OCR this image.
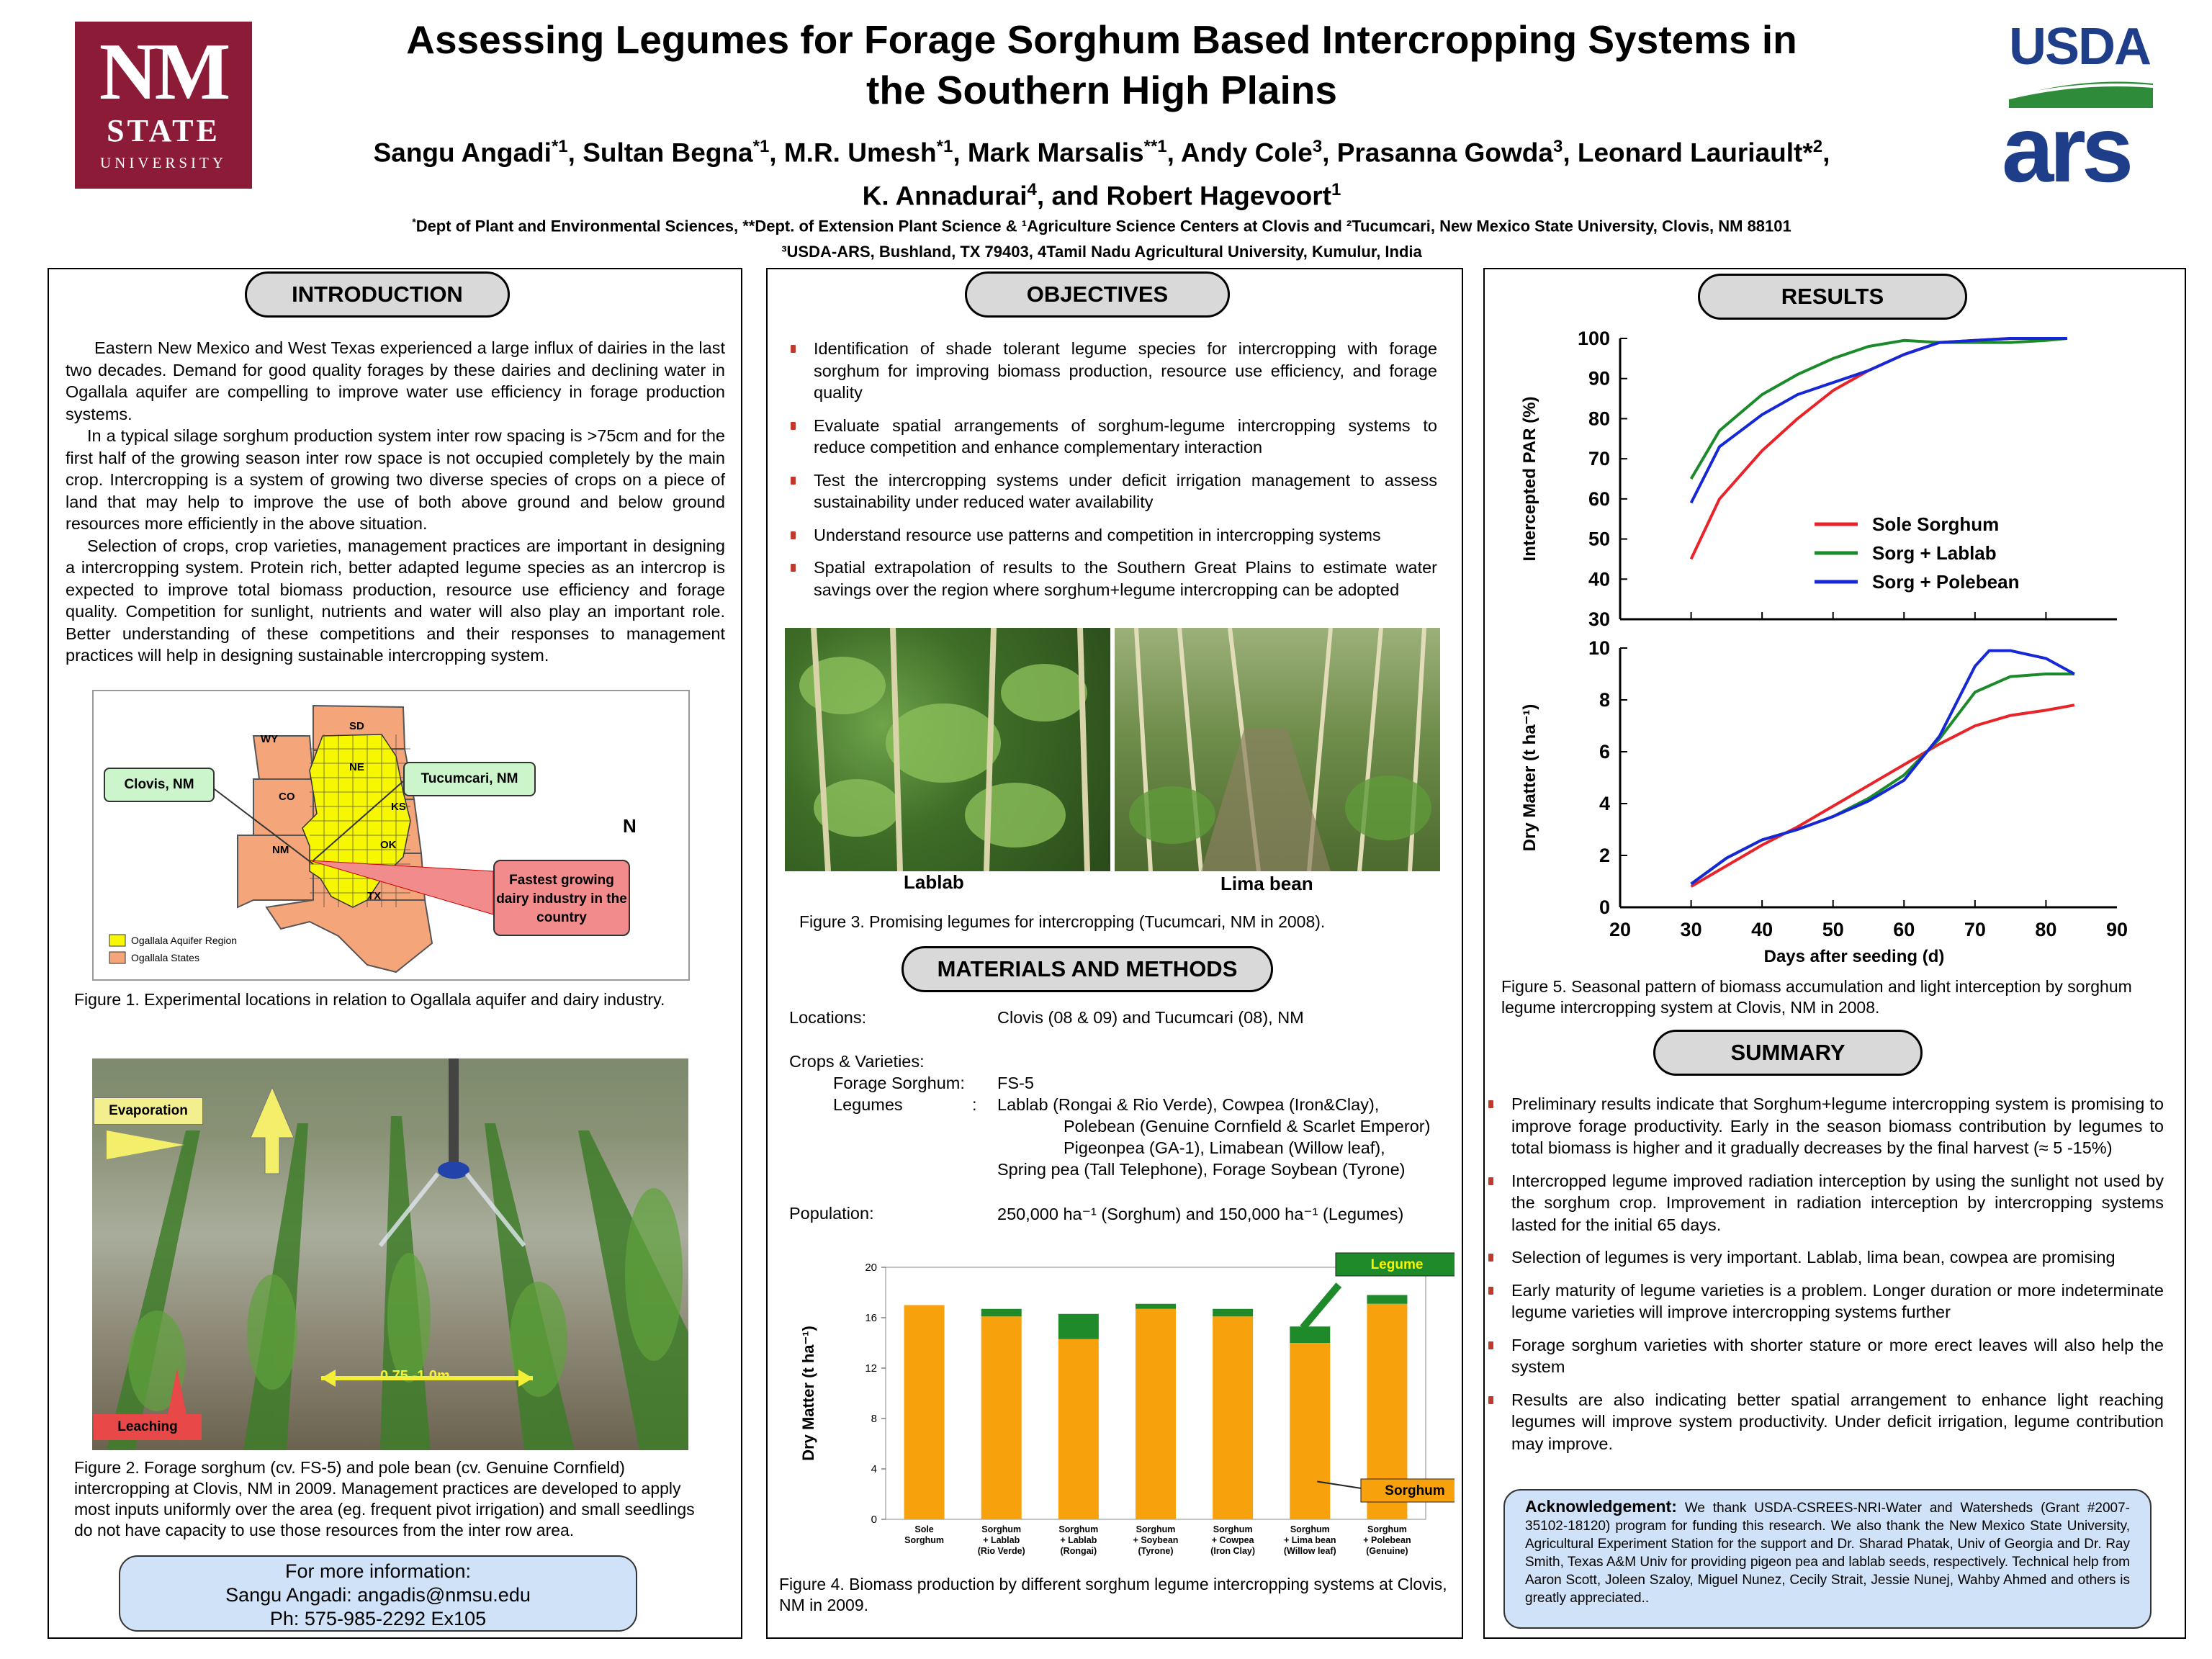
NM
STATE
UNIVERSITY
Assessing Legumes for Forage Sorghum Based Intercropping Systems in
the Southern High Plains
Sangu Angadi$^{*1}$, Sultan Begna$^{*1}$, M.R. Umesh$^{*1}$, Mark Marsalis$^{**1}$, Andy Cole$^3$, Prasanna Gowda$^3$, Leonard Lauriault*$^2$,
K. Annadurai$^4$, and Robert Hagevoort$^1$
*Dept of Plant and Environmental Sciences, **Dept. of Extension Plant Science & ¹Agriculture Science Centers at Clovis and ²Tucumcari, New Mexico State University, Clovis, NM 88101
³USDA-ARS, Bushland, TX 79403, 4Tamil Nadu Agricultural University, Kumulur, India
USDA
ars
INTRODUCTION
Eastern New Mexico and West Texas experienced a large influx of dairies in the last two decades. Demand for good quality forages by these dairies and declining water in Ogallala aquifer are compelling to improve water use efficiency in forage production systems.
In a typical silage sorghum production system inter row spacing is >75cm and for the first half of the growing season inter row space is not occupied completely by the main crop. Intercropping is a system of growing two diverse species of crops on a piece of land that may help to improve the use of both above ground and below ground resources more efficiently in the above situation.
Selection of crops, crop varieties, management practices are important in designing a intercropping system. Protein rich, better adapted legume species as an intercrop is expected to improve total biomass production, resource use efficiency and forage quality. Competition for sunlight, nutrients and water will also play an important role. Better understanding of these competitions and their responses to management practices will help in designing sustainable intercropping system.
WY
SD
NE
CO
KS
NM	OK
TX
Clovis, NM	Tucumcari, NM
N
Fastest growing dairy industry in the country
Ogallala Aquifer Region
Ogallala States
Figure 1. Experimental locations in relation to Ogallala aquifer and dairy industry.
Evaporation
Leaching
0.75 -1.0m
Figure 2. Forage sorghum (cv. FS-5) and pole bean (cv. Genuine Cornfield) intercropping at Clovis, NM in 2009. Management practices are developed to apply most inputs uniformly over the area (eg. frequent pivot irrigation) and small seedlings do not have capacity to use those resources from the inter row area.
For more information:
Sangu Angadi: angadis@nmsu.edu
Ph: 575-985-2292 Ex105
OBJECTIVES
Identification of shade tolerant legume species for intercropping with forage sorghum for improving biomass production, resource use efficiency, and forage quality
Evaluate spatial arrangements of sorghum-legume intercropping systems to reduce competition and enhance complementary interaction
Test the intercropping systems under deficit irrigation management to assess sustainability under reduced water availability
Understand resource use patterns and competition in intercropping systems
Spatial extrapolation of results to the Southern Great Plains to estimate water savings over the region where sorghum+legume intercropping can be adopted
Lablab	Lima bean
Figure 3. Promising legumes for intercropping (Tucumcari, NM in 2008).
MATERIALS AND METHODS
Locations:	Clovis (08 & 09) and Tucumcari (08), NM
Crops & Varieties:
Forage Sorghum: FS-5
Legumes	: Lablab (Rongai & Rio Verde), Cowpea (Iron&Clay),
Polebean (Genuine Cornfield & Scarlet Emperor)
Pigeonpea (GA-1), Limabean (Willow leaf),
Spring pea (Tall Telephone), Forage Soybean (Tyrone)
Population:	250,000 ha⁻¹ (Sorghum) and 150,000 ha⁻¹ (Legumes)
0
4
8
12
16
20
Dry Matter (t ha⁻¹)
Sole
Sorghum
Sorghum
+ Lablab
(Rio Verde)
Sorghum
+ Lablab
(Rongai)
Sorghum
+ Soybean
(Tyrone)
Sorghum
+ Cowpea
(Iron Clay)
Sorghum
+ Lima bean
(Willow leaf)
Sorghum
+ Polebean
(Genuine)
Legume
Sorghum
Figure 4. Biomass production by different sorghum legume intercropping systems at Clovis, NM in 2009.
RESULTS
30
40
50
60
70
80
90
100
Intercepted PAR (%)
0
2
4
6
8
10
Dry Matter (t ha⁻¹)
20	30	40	50	60	70	80	90
Days after seeding (d)
Sole Sorghum
Sorg + Lablab
Sorg + Polebean
Figure 5. Seasonal pattern of biomass accumulation and light interception by sorghum legume intercropping system at Clovis, NM in 2008.
SUMMARY
Preliminary results indicate that Sorghum+legume intercropping system is promising to improve forage productivity. Early in the season biomass contribution by legumes to total biomass is higher and it gradually decreases by the final harvest (≈ 5 -15%)
Intercropped legume improved radiation interception by using the sunlight not used by the sorghum crop. Improvement in radiation interception by intercropping systems lasted for the initial 65 days.
Selection of legumes is very important. Lablab, lima bean, cowpea are promising
Early maturity of legume varieties is a problem. Longer duration or more indeterminate legume varieties will improve intercropping systems further
Forage sorghum varieties with shorter stature or more erect leaves will also help the system
Results are also indicating better spatial arrangement to enhance light reaching legumes will improve system productivity. Under deficit irrigation, legume contribution may improve.
Acknowledgement: We thank USDA-CSREES-NRI-Water and Watersheds (Grant #2007-35102-18120) program for funding this research. We also thank the New Mexico State University, Agricultural Experiment Station for the support and Dr. Sharad Phatak, Univ of Georgia and Dr. Ray Smith, Texas A&M Univ for providing pigeon pea and lablab seeds, respectively. Technical help from Aaron Scott, Joleen Szaloy, Miguel Nunez, Cecily Strait, Jessie Nunej, Wahby Ahmed and others is greatly appreciated..
